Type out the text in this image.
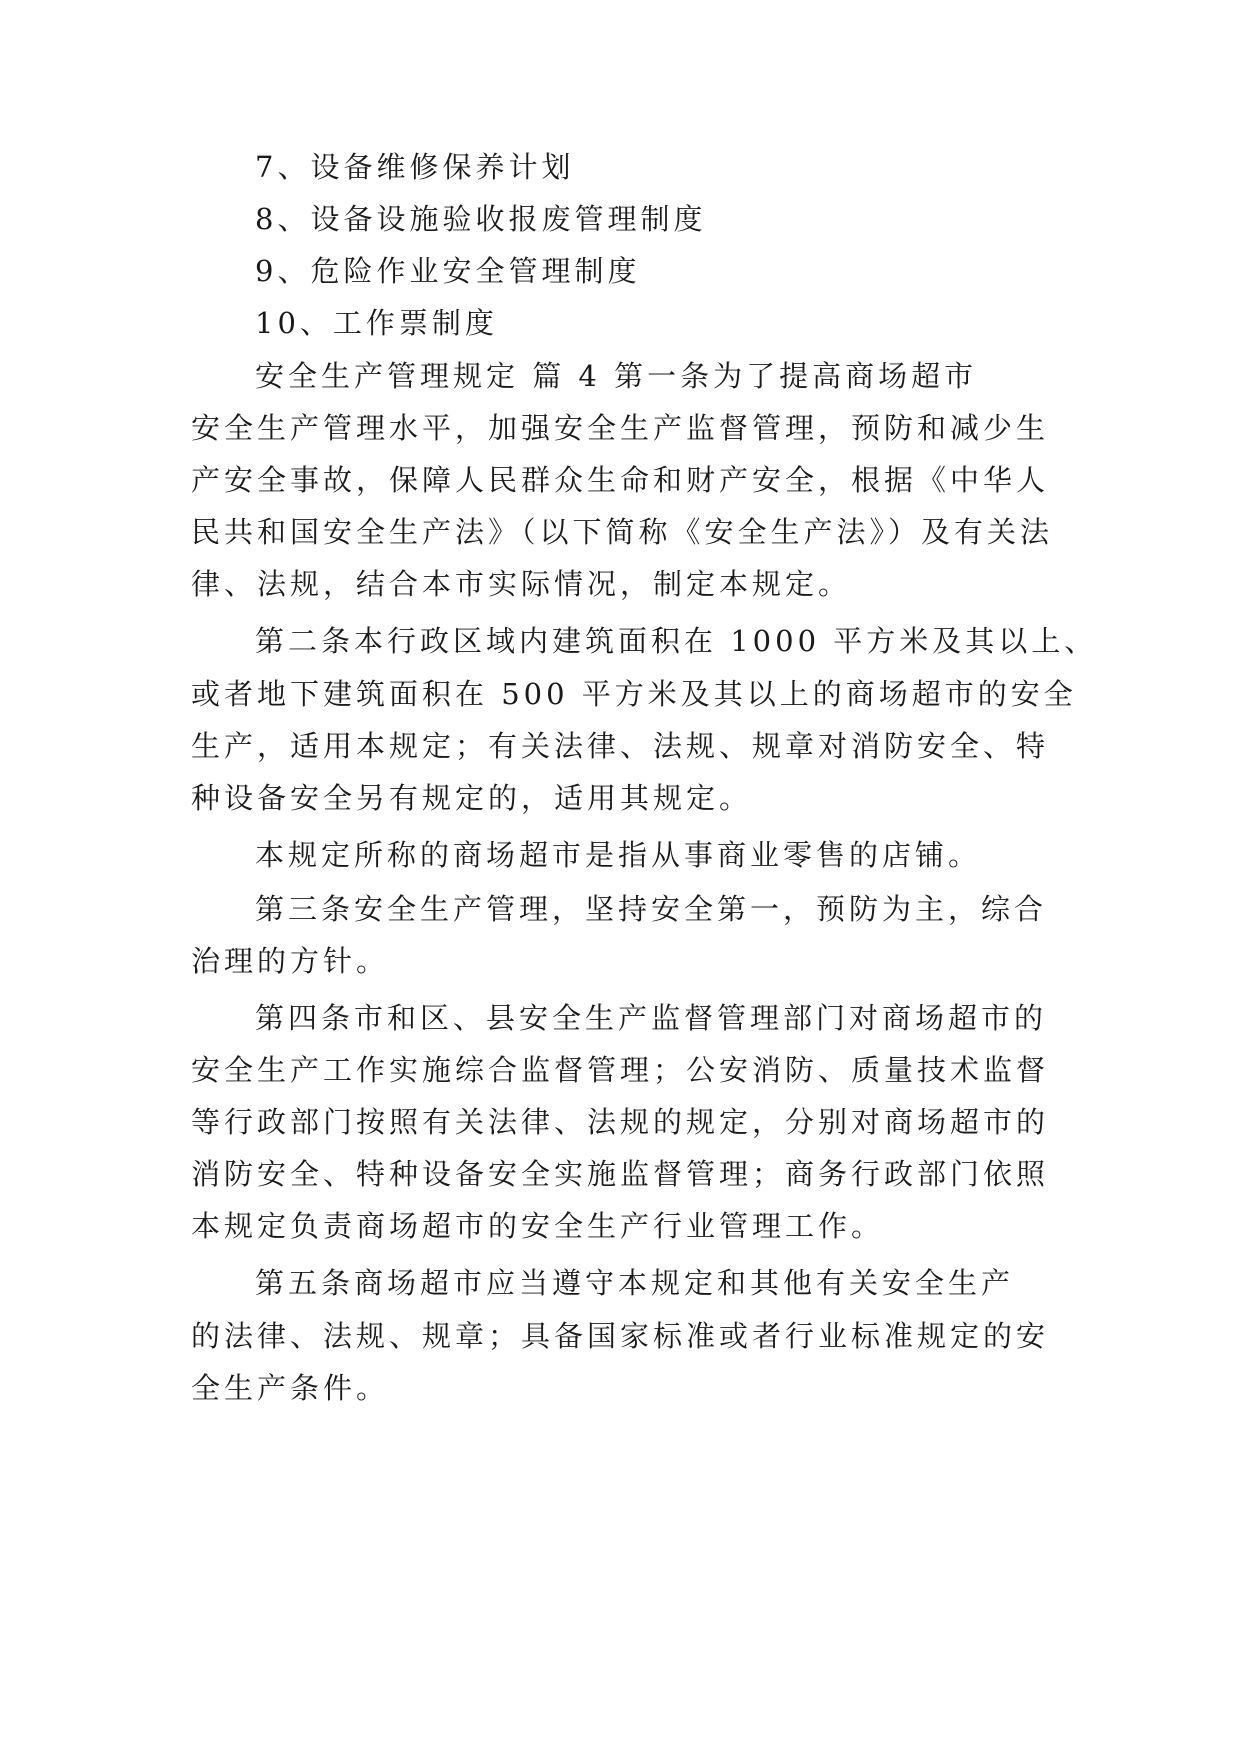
7、设备维修保养计划
8、设备设施验收报废管理制度
9、危险作业安全管理制度
10、工作票制度
安全生产管理规定 篇 4 第一条为了提高商场超市
安全生产管理水平，加强安全生产监督管理，预防和减少生
产安全事故，保障人民群众生命和财产安全，根据《中华人
民共和国安全生产法》（以下简称《安全生产法》）及有关法
律、法规，结合本市实际情况，制定本规定。
第二条本行政区域内建筑面积在 1000 平方米及其以上、
或者地下建筑面积在 500 平方米及其以上的商场超市的安全
生产，适用本规定；有关法律、法规、规章对消防安全、特
种设备安全另有规定的，适用其规定。
本规定所称的商场超市是指从事商业零售的店铺。
第三条安全生产管理，坚持安全第一，预防为主，综合
治理的方针。
第四条市和区、县安全生产监督管理部门对商场超市的
安全生产工作实施综合监督管理；公安消防、质量技术监督
等行政部门按照有关法律、法规的规定，分别对商场超市的
消防安全、特种设备安全实施监督管理；商务行政部门依照
本规定负责商场超市的安全生产行业管理工作。
第五条商场超市应当遵守本规定和其他有关安全生产
的法律、法规、规章；具备国家标准或者行业标准规定的安
全生产条件。
